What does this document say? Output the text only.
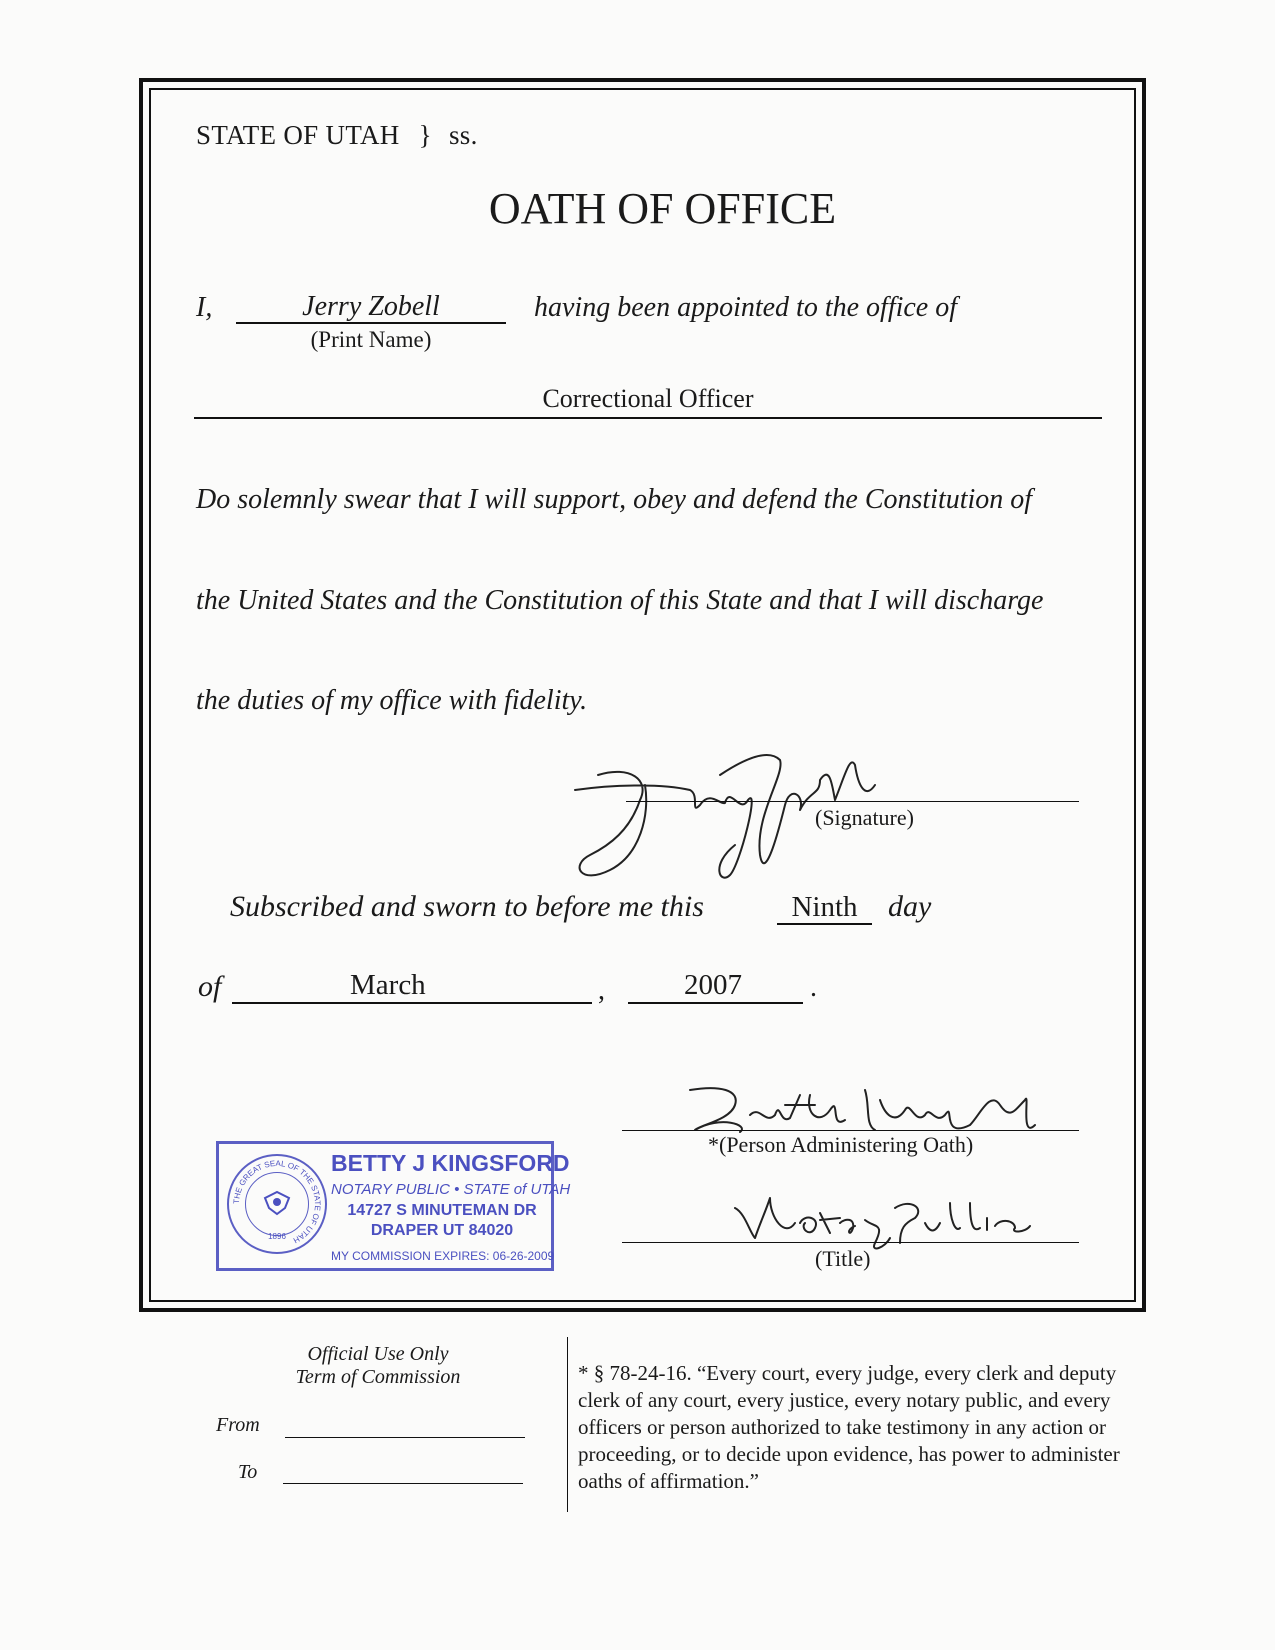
STATE OF UTAH } ss.
OATH OF OFFICE
I,	Jerry Zobell
(Print Name)
having been appointed to the office of
Correctional Officer
Do solemnly swear that I will support, obey and defend the Constitution of
the United States and the Constitution of this State and that I will discharge
the duties of my office with fidelity.
(Signature)
Subscribed and sworn to before me this	Ninth	day
of	March	,	2007	.
*(Person Administering Oath)
(Title)
THE GREAT SEAL OF THE STATE OF UTAH
1896
BETTY J KINGSFORD
NOTARY PUBLIC • STATE of UTAH
14727 S MINUTEMAN DR
DRAPER UT 84020
MY COMMISSION EXPIRES: 06-26-2009
Official Use Only
Term of Commission
From
To
* § 78-24-16. “Every court, every judge, every clerk and deputy clerk of any court, every justice, every notary public, and every officers or person authorized to take testimony in any action or proceeding, or to decide upon evidence, has power to administer oaths of affirmation.”
